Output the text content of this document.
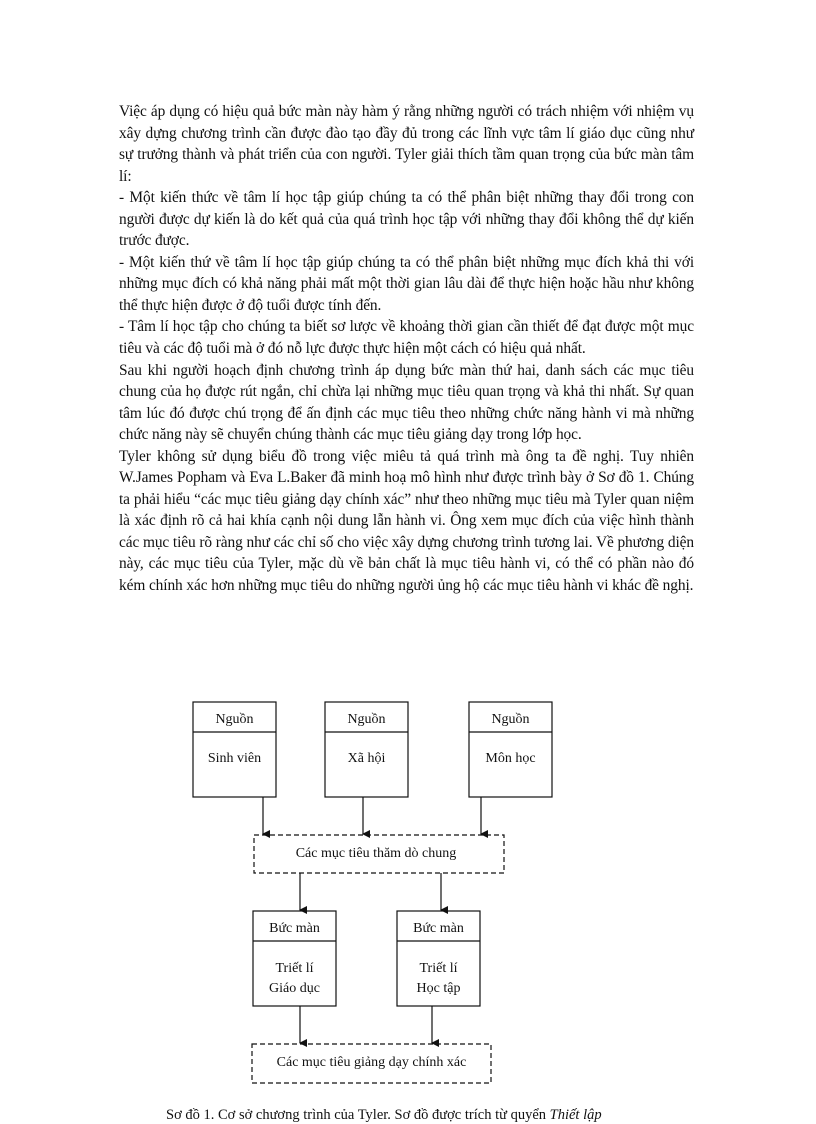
Việc áp dụng có hiệu quả bức màn này hàm ý rằng những người có trách nhiệm với nhiệm vụ xây dựng chương trình cần được đào tạo đầy đủ trong các lĩnh vực tâm lí giáo dục cũng như sự trưởng thành và phát triển của con người. Tyler giải thích tầm quan trọng của bức màn tâm lí:

- Một kiến thức về tâm lí học tập giúp chúng ta có thể phân biệt những thay đổi trong con người được dự kiến là do kết quả của quá trình học tập với những thay đổi không thể dự kiến trước được.

- Một kiến thứ về tâm lí học tập giúp chúng ta có thể phân biệt những mục đích khả thi với những mục đích có khả năng phải mất một thời gian lâu dài để thực hiện hoặc hầu như không thể thực hiện được ở độ tuổi được tính đến.

- Tâm lí học tập cho chúng ta biết sơ lược về khoảng thời gian cần thiết để đạt được một mục tiêu và các độ tuổi mà ở đó nỗ lực được thực hiện một cách có hiệu quả nhất.

Sau khi người hoạch định chương trình áp dụng bức màn thứ hai, danh sách các mục tiêu chung của họ được rút ngắn, chỉ chừa lại những mục tiêu quan trọng và khả thi nhất. Sự quan tâm lúc đó được chú trọng để ấn định các mục tiêu theo những chức năng hành vi mà những chức năng này sẽ chuyển chúng thành các mục tiêu giảng dạy trong lớp học.

Tyler không sử dụng biểu đồ trong việc miêu tả quá trình mà ông ta đề nghị. Tuy nhiên W.James Popham và Eva L.Baker đã minh hoạ mô hình như được trình bày ở Sơ đồ 1. Chúng ta phải hiểu “các mục tiêu giảng dạy chính xác” như theo những mục tiêu mà Tyler quan niệm là xác định rõ cả hai khía cạnh nội dung lẫn hành vi. Ông xem mục đích của việc hình thành các mục tiêu rõ ràng như các chỉ số cho việc xây dựng chương trình tương lai. Về phương diện này, các mục tiêu của Tyler, mặc dù về bản chất là mục tiêu hành vi, có thể có phần nào đó kém chính xác hơn những mục tiêu do những người ủng hộ các mục tiêu hành vi khác đề nghị.

Nguồn
Sinh viên
Nguồn
Xã hội
Nguồn
Môn học
Các mục tiêu thăm dò chung
Bức màn
Triết lí
Giáo dục
Bức màn
Triết lí
Học tập
Các mục tiêu giảng dạy chính xác
Sơ đồ 1. Cơ sở chương trình của Tyler. Sơ đồ được trích từ quyển Thiết lập
